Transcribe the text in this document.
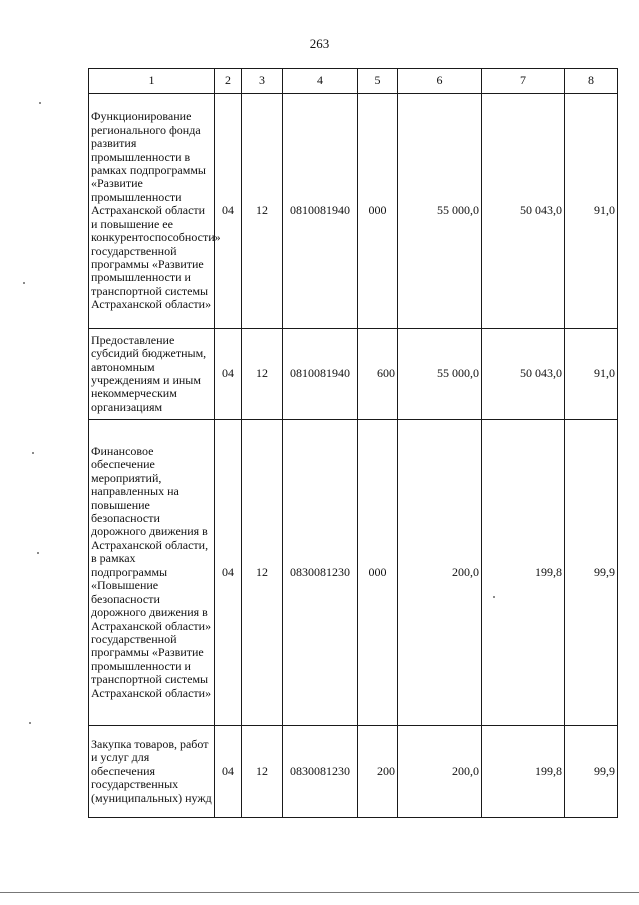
263
1	2	3	4	5	6	7	8
Функционирование регионального фонда развития промышленности в рамках подпрограммы «Развитие промышленности Астраханской области и повышение ее конкурентоспособности» государственной программы «Развитие промышленности и транспортной системы Астраханской области»	04	12	0810081940	000	55 000,0	50 043,0	91,0
Предоставление субсидий бюджетным, автономным учреждениям и иным некоммерческим организациям	04	12	0810081940	600	55 000,0	50 043,0	91,0
Финансовое обеспечение мероприятий, направленных на повышение безопасности дорожного движения в Астраханской области, в рамках подпрограммы «Повышение безопасности дорожного движения в Астраханской области» государственной программы «Развитие промышленности и транспортной системы Астраханской области»	04	12	0830081230	000	200,0	199,8	99,9
Закупка товаров, работ и услуг для обеспечения государственных (муниципальных) нужд	04	12	0830081230	200	200,0	199,8	99,9
